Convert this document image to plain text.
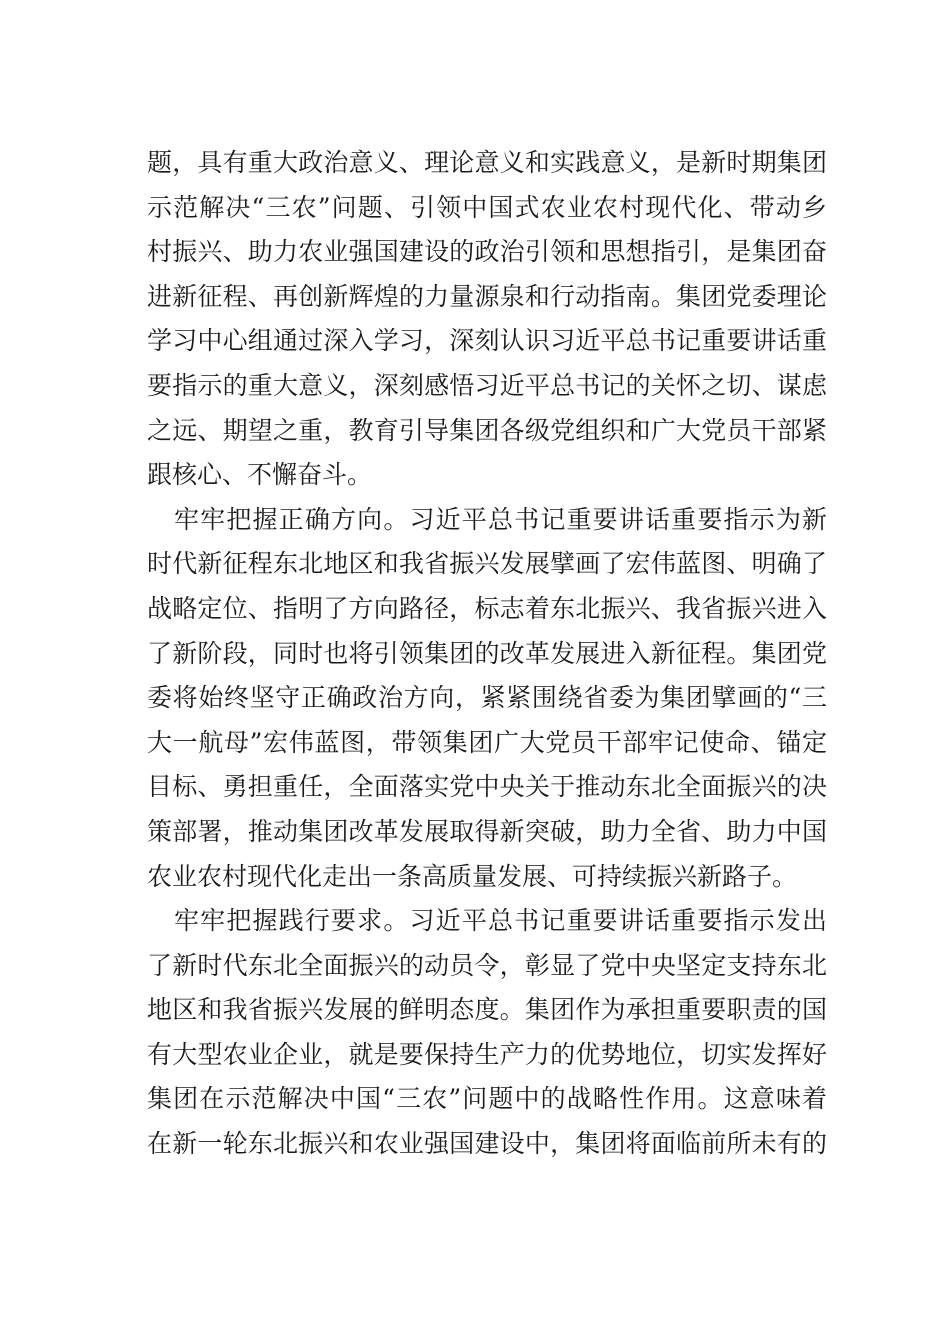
题，具有重大政治意义、理论意义和实践意义，是新时期集团
示范解决“三农”问题、引领中国式农业农村现代化、带动乡
村振兴、助力农业强国建设的政治引领和思想指引，是集团奋
进新征程、再创新辉煌的力量源泉和行动指南。集团党委理论
学习中心组通过深入学习，深刻认识习近平总书记重要讲话重
要指示的重大意义，深刻感悟习近平总书记的关怀之切、谋虑
之远、期望之重，教育引导集团各级党组织和广大党员干部紧
跟核心、不懈奋斗。
牢牢把握正确方向。习近平总书记重要讲话重要指示为新
时代新征程东北地区和我省振兴发展擘画了宏伟蓝图、明确了
战略定位、指明了方向路径，标志着东北振兴、我省振兴进入
了新阶段，同时也将引领集团的改革发展进入新征程。集团党
委将始终坚守正确政治方向，紧紧围绕省委为集团擘画的“三
大一航母”宏伟蓝图，带领集团广大党员干部牢记使命、锚定
目标、勇担重任，全面落实党中央关于推动东北全面振兴的决
策部署，推动集团改革发展取得新突破，助力全省、助力中国
农业农村现代化走出一条高质量发展、可持续振兴新路子。
牢牢把握践行要求。习近平总书记重要讲话重要指示发出
了新时代东北全面振兴的动员令，彰显了党中央坚定支持东北
地区和我省振兴发展的鲜明态度。集团作为承担重要职责的国
有大型农业企业，就是要保持生产力的优势地位，切实发挥好
集团在示范解决中国“三农”问题中的战略性作用。这意味着
在新一轮东北振兴和农业强国建设中，集团将面临前所未有的
